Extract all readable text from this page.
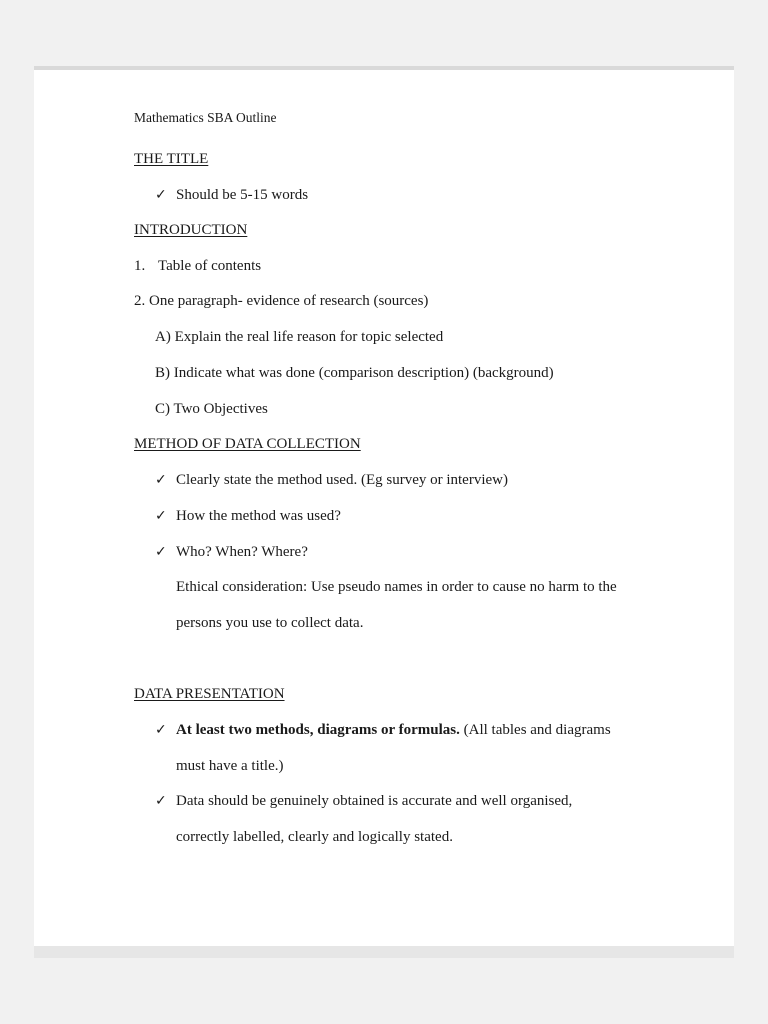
Mathematics SBA Outline
THE TITLE
✓ Should be 5-15 words
INTRODUCTION
1. Table of contents
2. One paragraph- evidence of research (sources)
A) Explain the real life reason for topic selected
B) Indicate what was done (comparison description) (background)
C) Two Objectives
METHOD OF DATA COLLECTION
✓ Clearly state the method used. (Eg survey or interview)
✓ How the method was used?
✓ Who? When? Where?
Ethical consideration: Use pseudo names in order to cause no harm to the
persons you use to collect data.
DATA PRESENTATION
✓ At least two methods, diagrams or formulas. (All tables and diagrams
must have a title.)
✓ Data should be genuinely obtained is accurate and well organised,
correctly labelled, clearly and logically stated.
